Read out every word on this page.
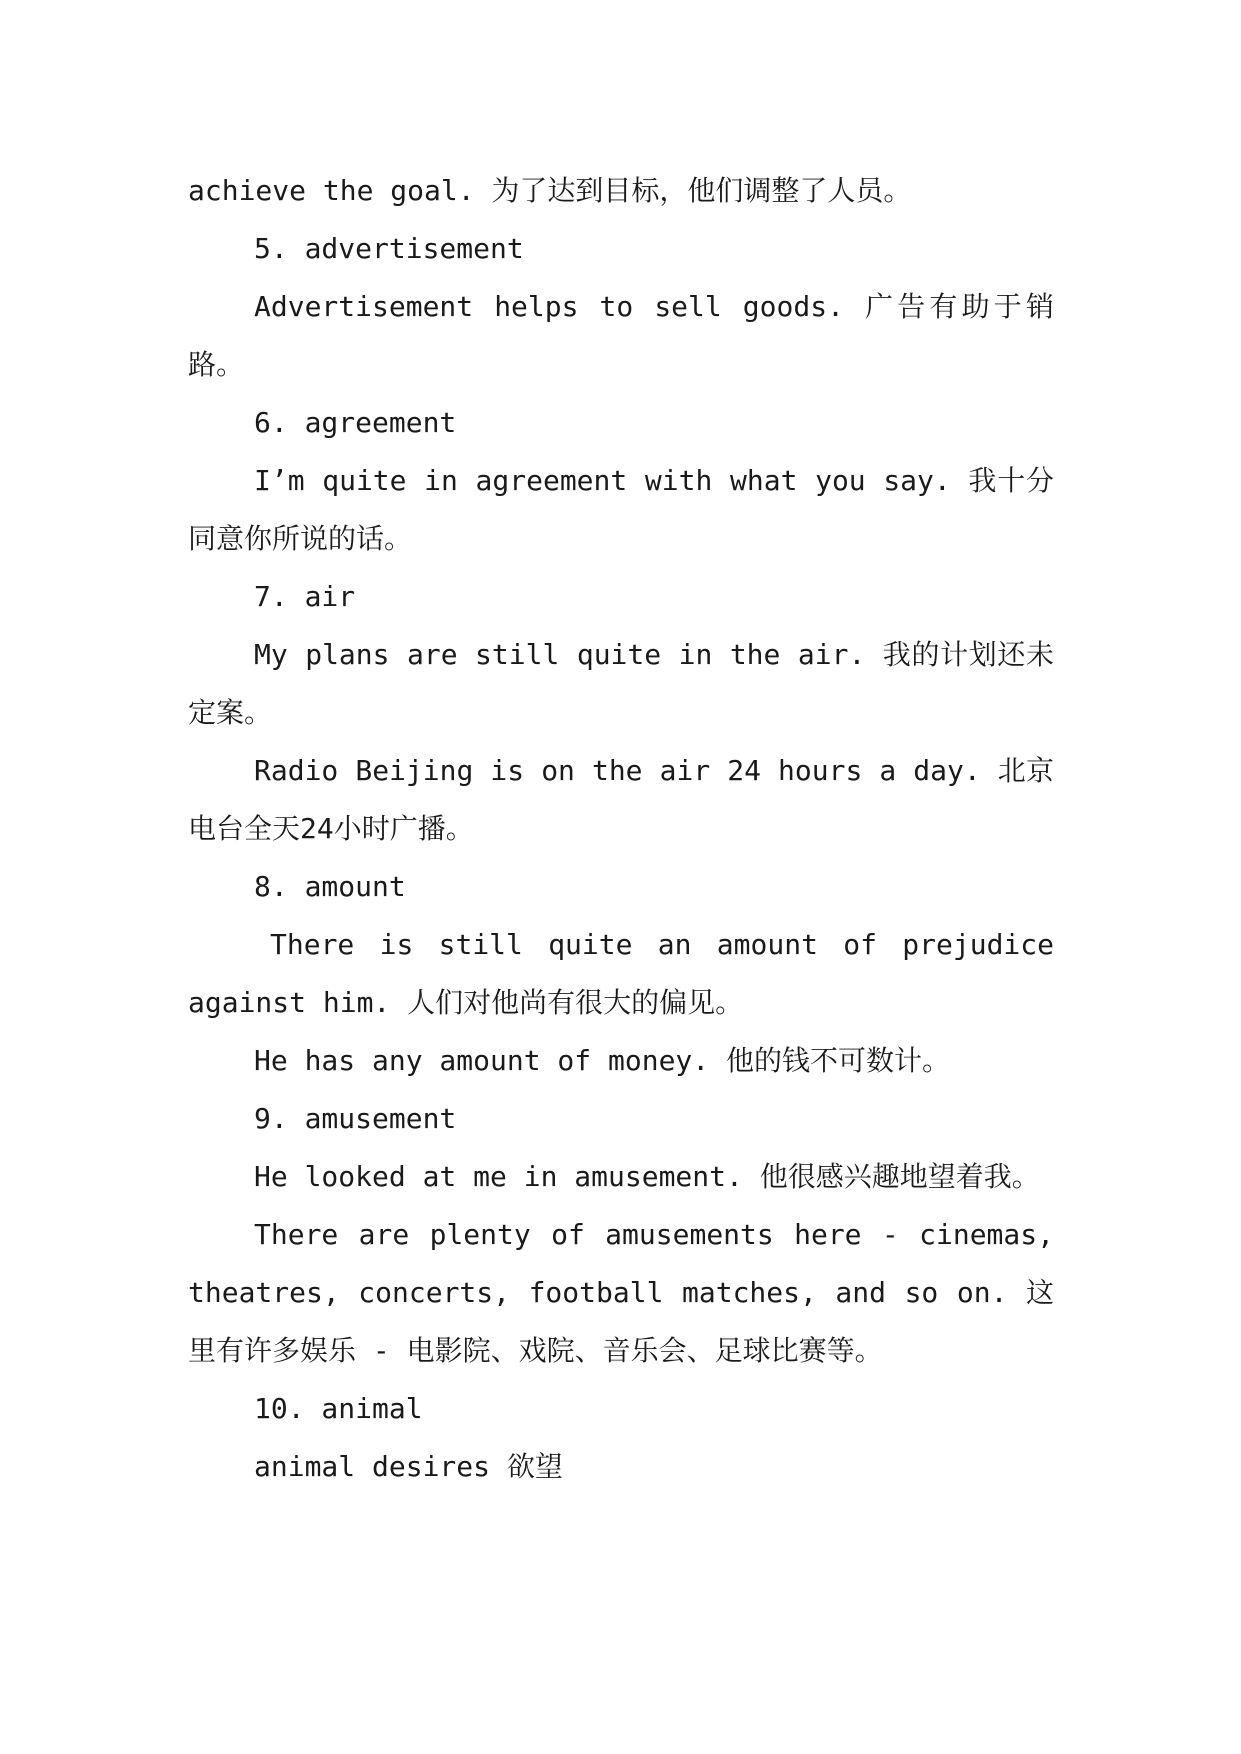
achieve the goal. 为了达到目标，他们调整了人员。

5. advertisement

Advertisement helps to sell goods. 广告有助于销路。

6. agreement

I’m quite in agreement with what you say. 我十分同意你所说的话。

7. air

My plans are still quite in the air. 我的计划还未定案。

Radio Beijing is on the air 24 hours a day. 北京电台全天24小时广播。

8. amount

There is still quite an amount of prejudice against him. 人们对他尚有很大的偏见。

He has any amount of money. 他的钱不可数计。

9. amusement

He looked at me in amusement. 他很感兴趣地望着我。

There are plenty of amusements here - cinemas, theatres, concerts, football matches, and so on. 这里有许多娱乐 - 电影院、戏院、音乐会、足球比赛等。

10. animal

animal desires 欲望
